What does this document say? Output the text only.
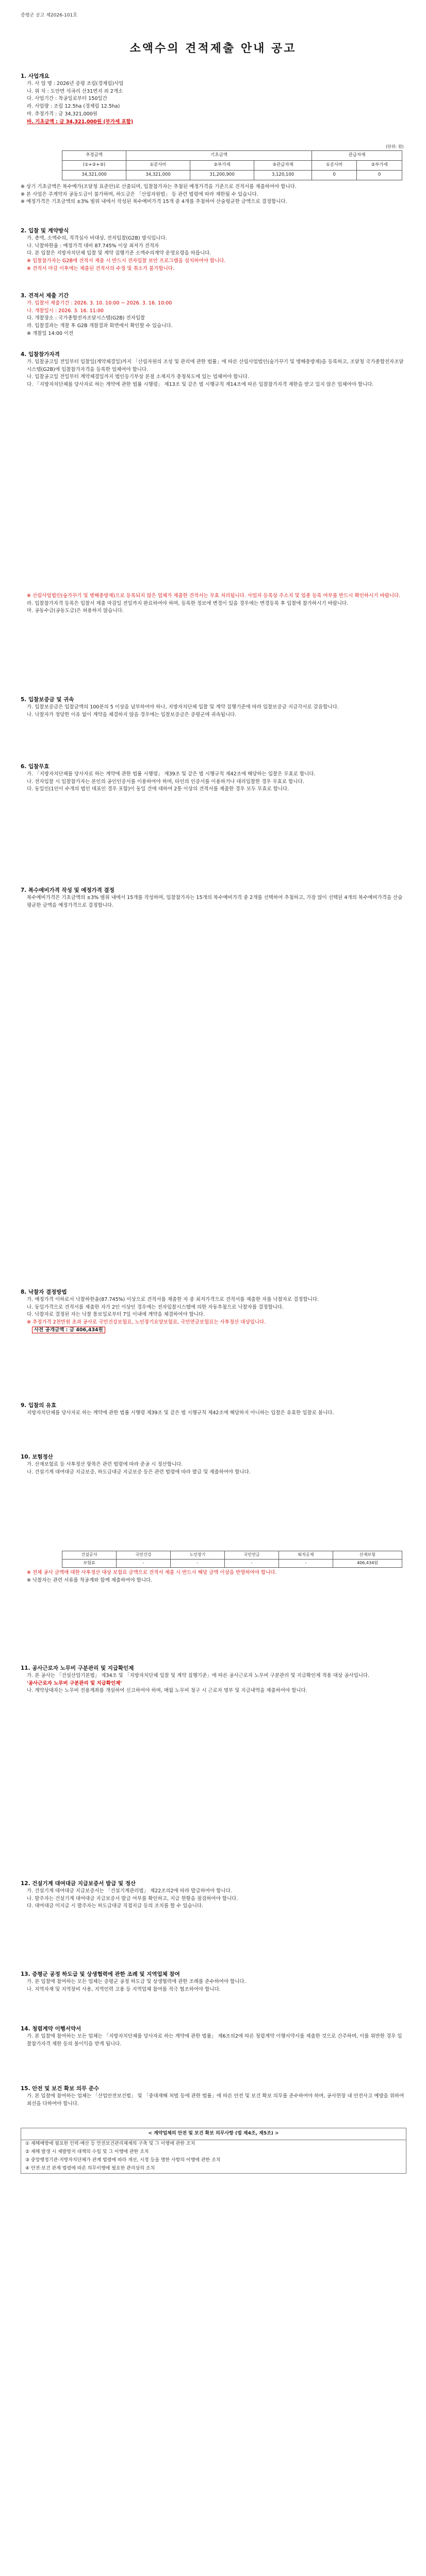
증평군 공고 제2026-101호
소액수의 견적제출 안내 공고
1. 사업개요
가. 사 업 명 : 2026년 증평 조림(경제림)사업
나. 위 치 : 도안면 석곡리 산31번지 외 2개소
다. 사업기간 : 착공일로부터 150일간
라. 사업량 : 조림 12.5ha (경제림 12.5ha)
마. 추정가격 : 금 34,321,000원
바. 기초금액 : 금 34,321,000원 (부가세 포함)
(단위: 원)
추정금액	기초금액			관급자재	
(①+②+③)	①공사비	②부가세	③관급자재	①공사비	②부가세
34,321,000	34,321,000	31,200,900	3,120,100	0	0
※ 상기 기초금액은 복수예가(조달청 표준안)로 산출되며, 입찰참가자는 추첨된 예정가격을 기준으로 견적서를 제출하여야 합니다.
※ 본 사업은 주계약자 공동도급이 불가하며, 하도급은 「산림자원법」 등 관련 법령에 따라 제한될 수 있습니다.
※ 예정가격은 기초금액의 ±3% 범위 내에서 작성된 복수예비가격 15개 중 4개를 추첨하여 산술평균한 금액으로 결정합니다.
2. 입찰 및 계약방식
가. 총액, 소액수의, 적격심사 비대상, 전자입찰(G2B) 방식입니다.
나. 낙찰하한율 : 예정가격 대비 87.745% 이상 최저가 견적자
다. 본 입찰은 지방자치단체 입찰 및 계약 집행기준 소액수의계약 운영요령을 따릅니다.
※ 입찰참가자는 G2B에 견적서 제출 시 반드시 전자입찰 보안 프로그램을 설치하여야 합니다.
※ 견적서 마감 이후에는 제출된 견적서의 수정 및 취소가 불가합니다.
3. 견적서 제출 기간
가. 입찰서 제출기간 : 2026. 3. 10. 10:00 ~ 2026. 3. 16. 10:00
나. 개찰일시 : 2026. 3. 16. 11:00
다. 개찰장소 : 국가종합전자조달시스템(G2B) 전자입찰
라. 입찰결과는 개찰 후 G2B 개찰결과 화면에서 확인할 수 있습니다.
※ 개찰일 14:00 이전
4. 입찰참가자격
가. 입찰공고일 전일부터 입찰일(계약체결일)까지 「산림자원의 조성 및 관리에 관한 법률」에 따른 산림사업법인(숲가꾸기 및 병해충방제)을 등록하고, 조달청 국가종합전자조달시스템(G2B)에 입찰참가자격을 등록한 업체여야 합니다.
나. 입찰공고일 전일부터 계약체결일까지 법인등기부상 본점 소재지가 충청북도에 있는 업체여야 합니다.
다. 「지방자치단체를 당사자로 하는 계약에 관한 법률 시행령」 제13조 및 같은 법 시행규칙 제14조에 따른 입찰참가자격 제한을 받고 있지 않은 업체여야 합니다.
※ 산림사업법인(숲가꾸기 및 병해충방제)으로 등록되지 않은 업체가 제출한 견적서는 무효 처리됩니다. 사업자 등록상 주소지 및 업종 등록 여부를 반드시 확인하시기 바랍니다.
라. 입찰참가자격 등록은 입찰서 제출 마감일 전일까지 완료하여야 하며, 등록한 정보에 변경이 있을 경우에는 변경등록 후 입찰에 참가하시기 바랍니다.
마. 공동수급(공동도급)은 허용하지 않습니다.
5. 입찰보증금 및 귀속
가. 입찰보증금은 입찰금액의 100분의 5 이상을 납부하여야 하나, 지방자치단체 입찰 및 계약 집행기준에 따라 입찰보증금 지급각서로 갈음합니다.
나. 낙찰자가 정당한 이유 없이 계약을 체결하지 않을 경우에는 입찰보증금은 증평군에 귀속됩니다.
6. 입찰무효
가. 「지방자치단체를 당사자로 하는 계약에 관한 법률 시행령」 제39조 및 같은 법 시행규칙 제42조에 해당하는 입찰은 무효로 합니다.
나. 전자입찰 시 입찰참가자는 본인의 공인인증서를 이용하여야 하며, 타인의 인증서를 이용하거나 대리입찰한 경우 무효로 합니다.
다. 동일인(1인이 수개의 법인 대표인 경우 포함)이 동일 건에 대하여 2통 이상의 견적서를 제출한 경우 모두 무효로 합니다.
7. 복수예비가격 작성 및 예정가격 결정
복수예비가격은 기초금액의 ±3% 범위 내에서 15개를 작성하며, 입찰참가자는 15개의 복수예비가격 중 2개를 선택하여 추첨하고, 가장 많이 선택된 4개의 복수예비가격을 산술평균한 금액을 예정가격으로 결정합니다.
8. 낙찰자 결정방법
가. 예정가격 이하로서 낙찰하한율(87.745%) 이상으로 견적서를 제출한 자 중 최저가격으로 견적서를 제출한 자를 낙찰자로 결정합니다.
나. 동일가격으로 견적서를 제출한 자가 2인 이상인 경우에는 전자입찰시스템에 의한 자동추첨으로 낙찰자를 결정합니다.
다. 낙찰자로 결정된 자는 낙찰 통보일로부터 7일 이내에 계약을 체결하여야 합니다.
※ 추정가격 2천만원 초과 공사로 국민건강보험료, 노인장기요양보험료, 국민연금보험료는 사후정산 대상입니다.
사전 공개금액 : 금 406,434원
9. 입찰의 유효
지방자치단체를 당사자로 하는 계약에 관한 법률 시행령 제39조 및 같은 법 시행규칙 제42조에 해당하지 아니하는 입찰은 유효한 입찰로 봅니다.
10. 보험정산
가. 산재보험료 등 사후정산 항목은 관련 법령에 따라 준공 시 정산합니다.
나. 건설기계 대여대금 지급보증, 하도급대금 지급보증 등은 관련 법령에 따라 발급 및 제출하여야 합니다.
건설공사	국민건강	노인장기	국민연금	퇴직공제	산재보험
보험료	-	-	-	-	406,434원
※ 전체 공사 금액에 대한 사후정산 대상 보험료 금액으로 견적서 제출 시 반드시 해당 금액 이상을 반영하여야 합니다.
※ 낙찰자는 관련 서류를 착공계와 함께 제출하여야 합니다.
11. 공사근로자 노무비 구분관리 및 지급확인제
가. 본 공사는 「건설산업기본법」 제34조 및 「지방자치단체 입찰 및 계약 집행기준」에 따른 공사근로자 노무비 구분관리 및 지급확인제 적용 대상 공사입니다.
'공사근로자 노무비 구분관리 및 지급확인제'
나. 계약상대자는 노무비 전용계좌를 개설하여 신고하여야 하며, 매월 노무비 청구 시 근로자 명부 및 지급내역을 제출하여야 합니다.
12. 건설기계 대여대금 지급보증서 발급 및 정산
가. 건설기계 대여대금 지급보증서는 「건설기계관리법」 제22조의2에 따라 발급하여야 합니다.
나. 발주자는 건설기계 대여대금 지급보증서 발급 여부를 확인하고, 지급 현황을 점검하여야 합니다.
다. 대여대금 미지급 시 발주자는 하도급대금 직접지급 등의 조치를 할 수 있습니다.
13. 증평군 공정 하도급 및 상생협력에 관한 조례 및 지역업체 참여
가. 본 입찰에 참여하는 모든 업체는 증평군 공정 하도급 및 상생협력에 관한 조례를 준수하여야 합니다.
나. 지역자재 및 지역장비 사용, 지역인력 고용 등 지역업체 참여를 적극 협조하여야 합니다.
14. 청렴계약 이행서약서
가. 본 입찰에 참여하는 모든 업체는 「지방자치단체를 당사자로 하는 계약에 관한 법률」 제6조의2에 따른 청렴계약 이행서약서를 제출한 것으로 간주하며, 이를 위반한 경우 입찰참가자격 제한 등의 불이익을 받게 됩니다.
15. 안전 및 보건 확보 의무 준수
가. 본 입찰에 참여하는 업체는 「산업안전보건법」 및 「중대재해 처벌 등에 관한 법률」에 따른 안전 및 보건 확보 의무를 준수하여야 하며, 공사현장 내 안전사고 예방을 위하여 최선을 다하여야 합니다.
< 계약업체의 안전 및 보건 확보 의무사항 (법 제4조, 제5조) >
① 재해예방에 필요한 인력·예산 등 안전보건관리체계의 구축 및 그 이행에 관한 조치
② 재해 발생 시 재발방지 대책의 수립 및 그 이행에 관한 조치
③ 중앙행정기관·지방자치단체가 관계 법령에 따라 개선, 시정 등을 명한 사항의 이행에 관한 조치
④ 안전·보건 관계 법령에 따른 의무이행에 필요한 관리상의 조치
